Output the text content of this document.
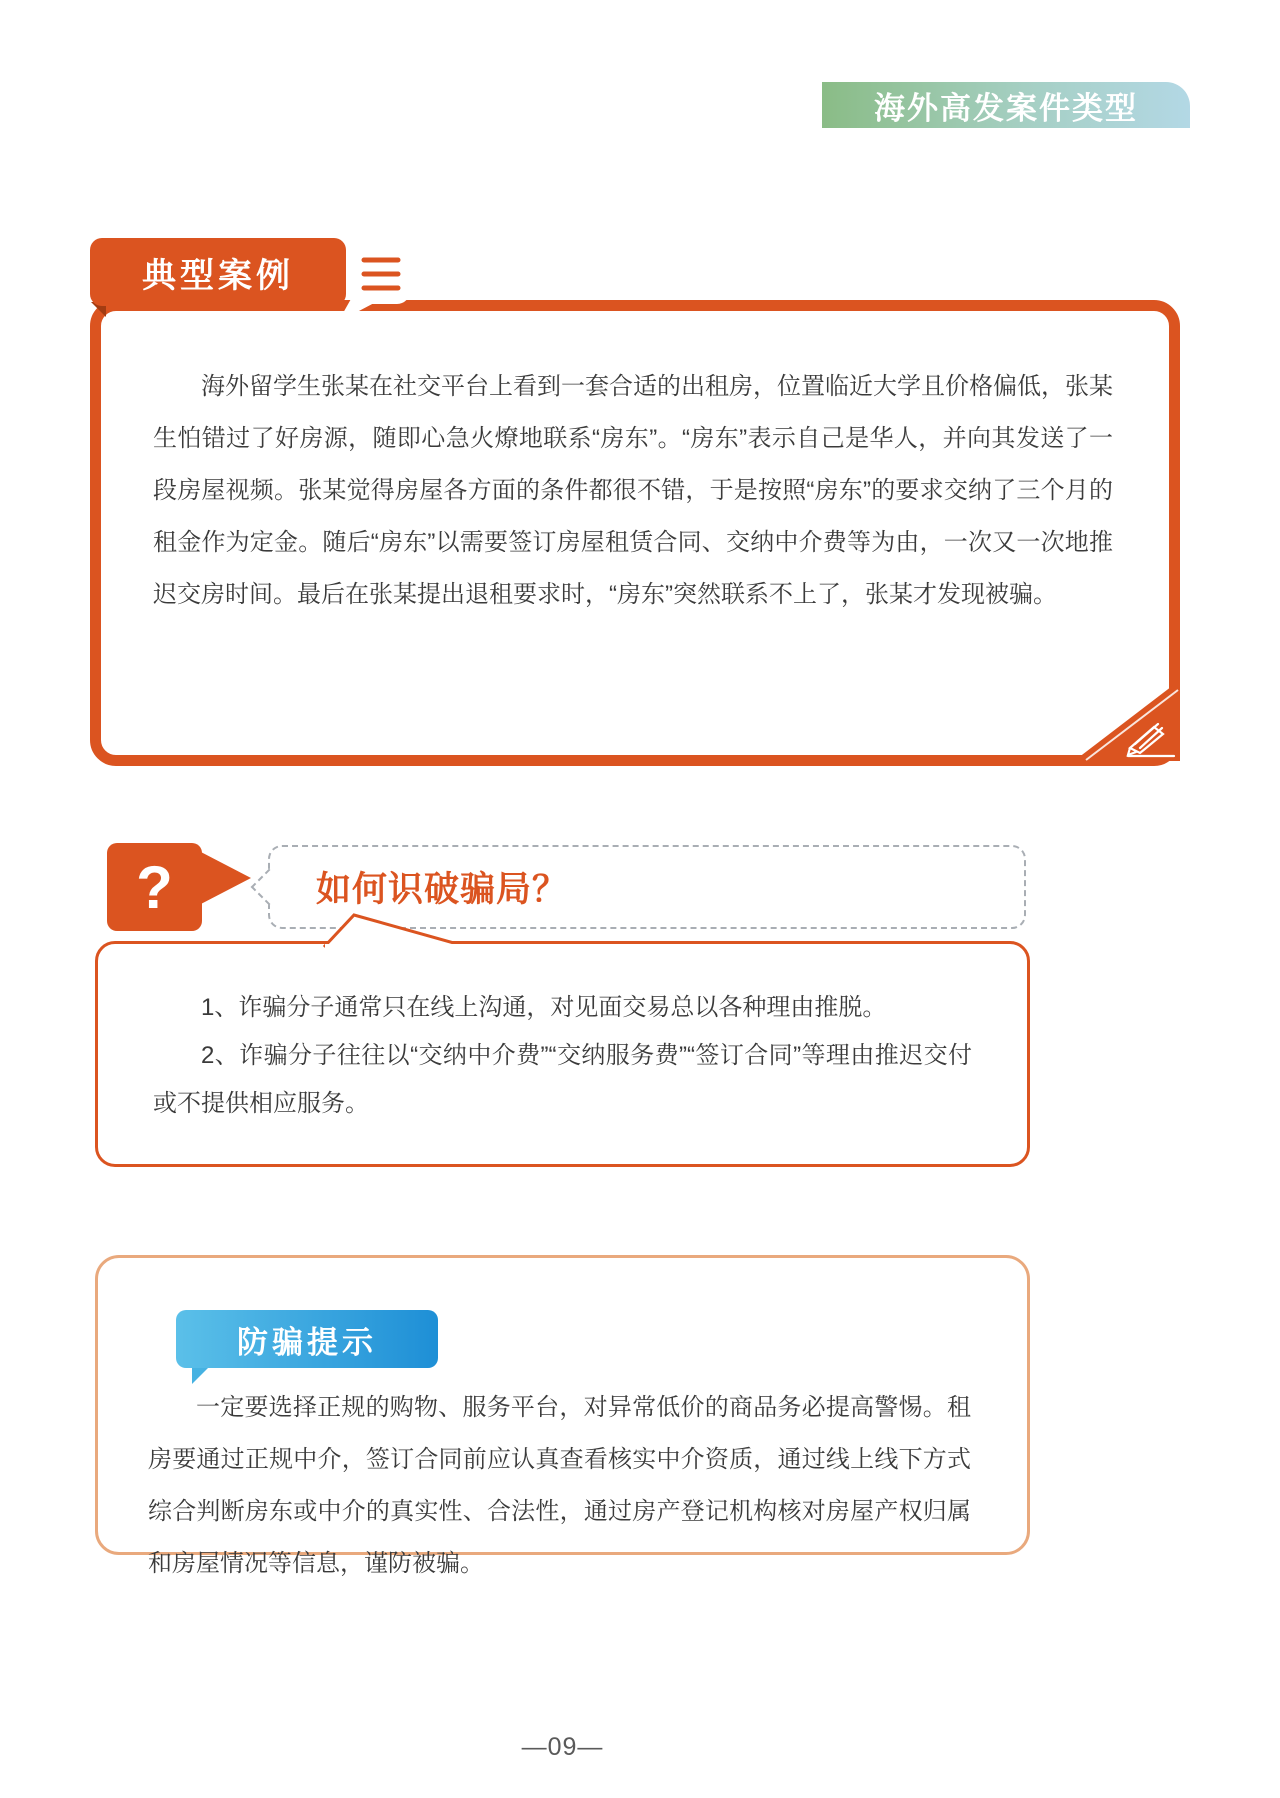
海外高发案件类型
典型案例

海外留学生张某在社交平台上看到一套合适的出租房，位置临近大学且价格偏低，张某生怕错过了好房源，随即心急火燎地联系“房东”。“房东”表示自己是华人，并向其发送了一段房屋视频。张某觉得房屋各方面的条件都很不错，于是按照“房东”的要求交纳了三个月的租金作为定金。随后“房东”以需要签订房屋租赁合同、交纳中介费等为由，一次又一次地推迟交房时间。最后在张某提出退租要求时，“房东”突然联系不上了，张某才发现被骗。

?	如何识破骗局？

1、诈骗分子通常只在线上沟通，对见面交易总以各种理由推脱。

2、诈骗分子往往以“交纳中介费”“交纳服务费”“签订合同”等理由推迟交付或不提供相应服务。

防骗提示

一定要选择正规的购物、服务平台，对异常低价的商品务必提高警惕。租房要通过正规中介，签订合同前应认真查看核实中介资质，通过线上线下方式综合判断房东或中介的真实性、合法性，通过房产登记机构核对房屋产权归属和房屋情况等信息，谨防被骗。

—09—
